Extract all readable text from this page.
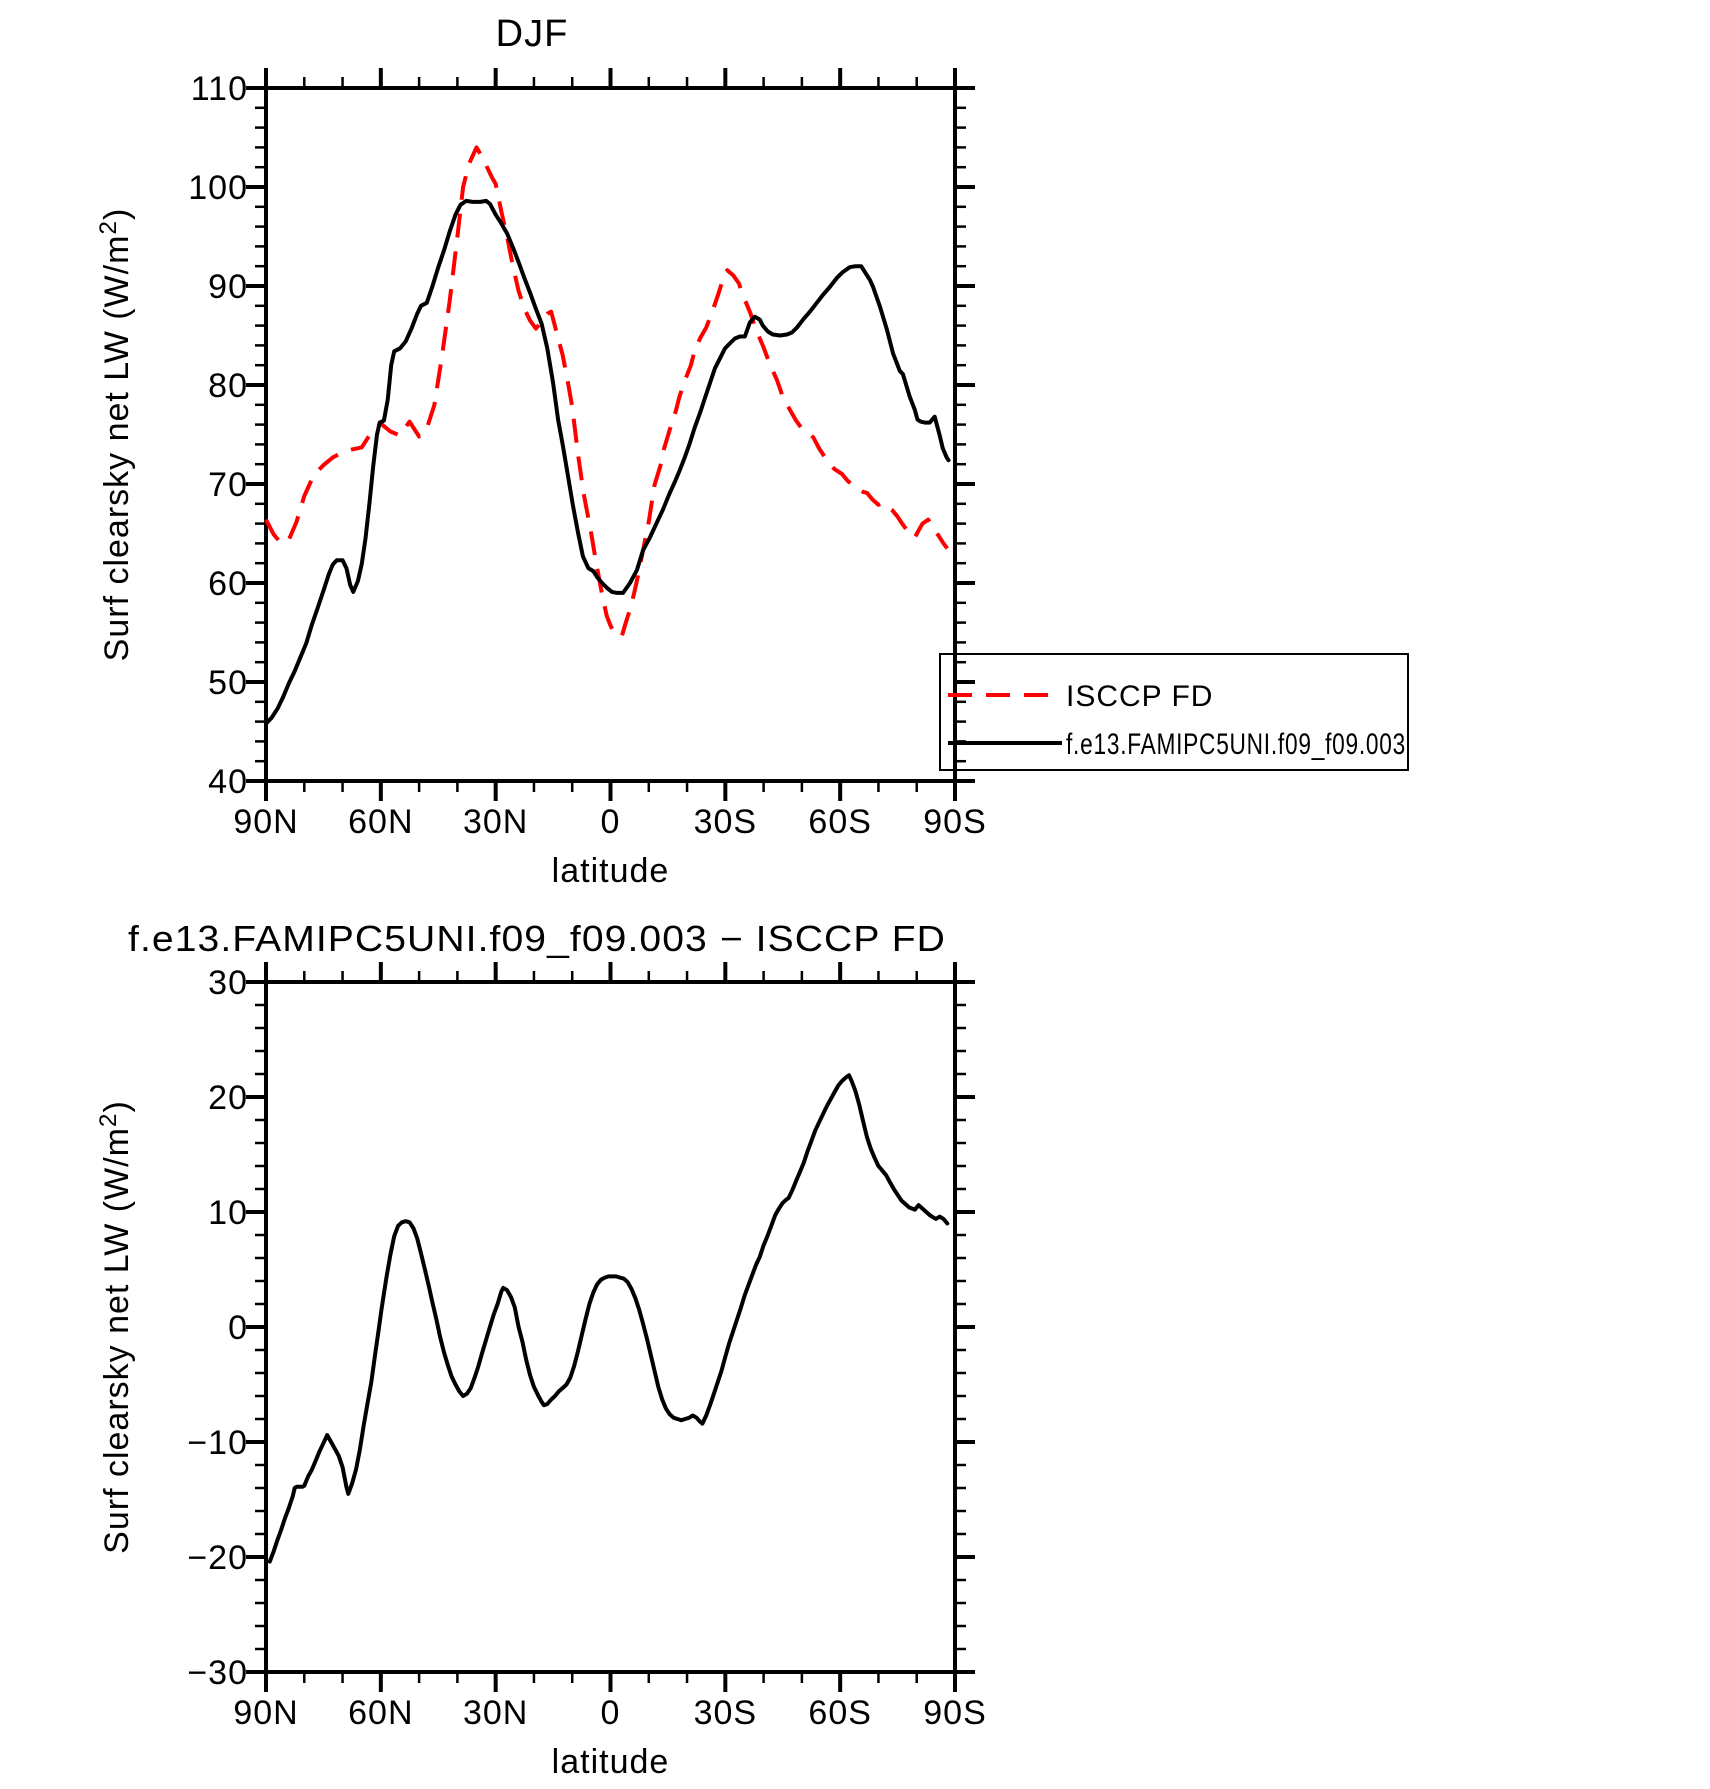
90N 60N 30N 0 30S 60S 90S
110
100
90
80
70
60
50
40
DJF
latitude
Surf clearsky net LW $(W/m^2)$
90N 60N 30N 0 30S 60S 90S
30
20
10
0
−10
−20
−30
f.e13.FAMIPC5UNI.f09_f09.003 − ISCCP FD
latitude
Surf clearsky net LW $(W/m^2)$
ISCCP FD
f.e13.FAMIPC5UNI.f09_f09.003
